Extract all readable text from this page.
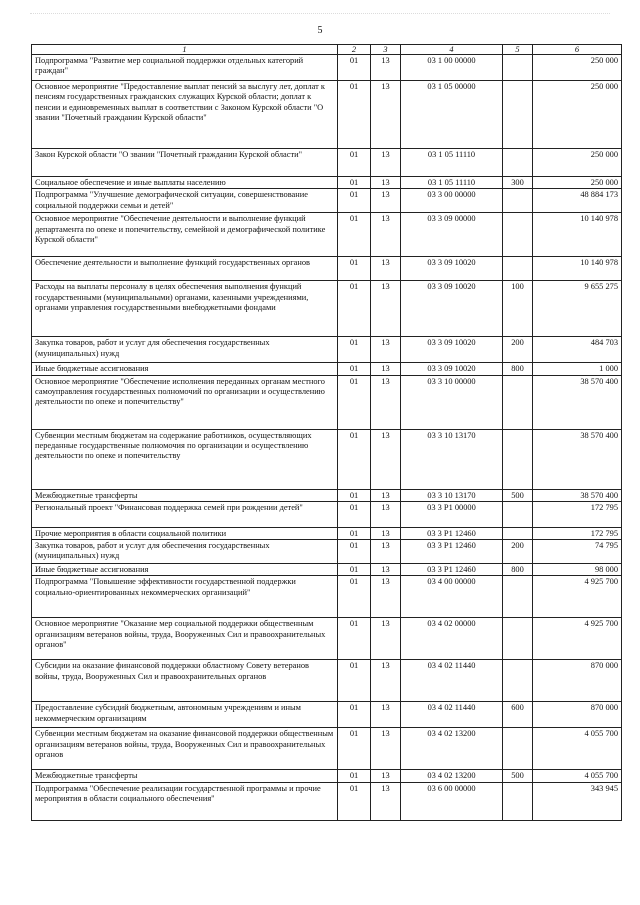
5
1	2	3	4	5	6
Подпрограмма "Развитие мер социальной поддержки отдельных категорий граждан"	01	13	03 1 00 00000		250 000
Основное мероприятие "Предоставление выплат пенсий за выслугу лет, доплат к пенсиям государственных гражданских служащих Курской области; доплат к пенсии и единовременных выплат в соответствии с Законом Курской области "О звании "Почетный гражданин Курской области"	01	13	03 1 05 00000		250 000
Закон Курской области "О звании "Почетный гражданин Курской области"	01	13	03 1 05 11110		250 000
Социальное обеспечение и иные выплаты населению	01	13	03 1 05 11110	300	250 000
Подпрограмма "Улучшение демографической ситуации, совершенствование социальной поддержки семьи и детей"	01	13	03 3 00 00000		48 884 173
Основное мероприятие "Обеспечение деятельности и выполнение функций департамента по опеке и попечительству, семейной и демографической политике Курской области"	01	13	03 3 09 00000		10 140 978
Обеспечение деятельности и выполнение функций государственных органов	01	13	03 3 09 10020		10 140 978
Расходы на выплаты персоналу в целях обеспечения выполнения функций государственными (муниципальными) органами, казенными учреждениями, органами управления государственными внебюджетными фондами	01	13	03 3 09 10020	100	9 655 275
Закупка товаров, работ и услуг для обеспечения государственных (муниципальных) нужд	01	13	03 3 09 10020	200	484 703
Иные бюджетные ассигнования	01	13	03 3 09 10020	800	1 000
Основное мероприятие "Обеспечение исполнения переданных органам местного самоуправления государственных полномочий по организации и осуществлению деятельности по опеке и попечительству"	01	13	03 3 10 00000		38 570 400
Субвенции местным бюджетам на содержание работников, осуществляющих переданные государственные полномочия по организации и осуществлению деятельности по опеке и попечительству	01	13	03 3 10 13170		38 570 400
Межбюджетные трансферты	01	13	03 3 10 13170	500	38 570 400
Региональный проект "Финансовая поддержка семей при рождении детей"	01	13	03 3 P1 00000		172 795
Прочие мероприятия в области социальной политики	01	13	03 3 P1 12460		172 795
Закупка товаров, работ и услуг для обеспечения государственных (муниципальных) нужд	01	13	03 3 P1 12460	200	74 795
Иные бюджетные ассигнования	01	13	03 3 P1 12460	800	98 000
Подпрограмма "Повышение эффективности государственной поддержки социально-ориентированных некоммерческих организаций"	01	13	03 4 00 00000		4 925 700
Основное мероприятие "Оказание мер социальной поддержки общественным организациям ветеранов войны, труда, Вооруженных Сил и правоохранительных органов"	01	13	03 4 02 00000		4 925 700
Субсидии на оказание финансовой поддержки областному Совету ветеранов войны, труда, Вооруженных Сил и правоохранительных органов	01	13	03 4 02 11440		870 000
Предоставление субсидий бюджетным, автономным учреждениям и иным некоммерческим организациям	01	13	03 4 02 11440	600	870 000
Субвенции местным бюджетам на оказание финансовой поддержки общественным организациям ветеранов войны, труда, Вооруженных Сил и правоохранительных органов	01	13	03 4 02 13200		4 055 700
Межбюджетные трансферты	01	13	03 4 02 13200	500	4 055 700
Подпрограмма "Обеспечение реализации государственной программы и прочие мероприятия в области социального обеспечения"	01	13	03 6 00 00000		343 945
